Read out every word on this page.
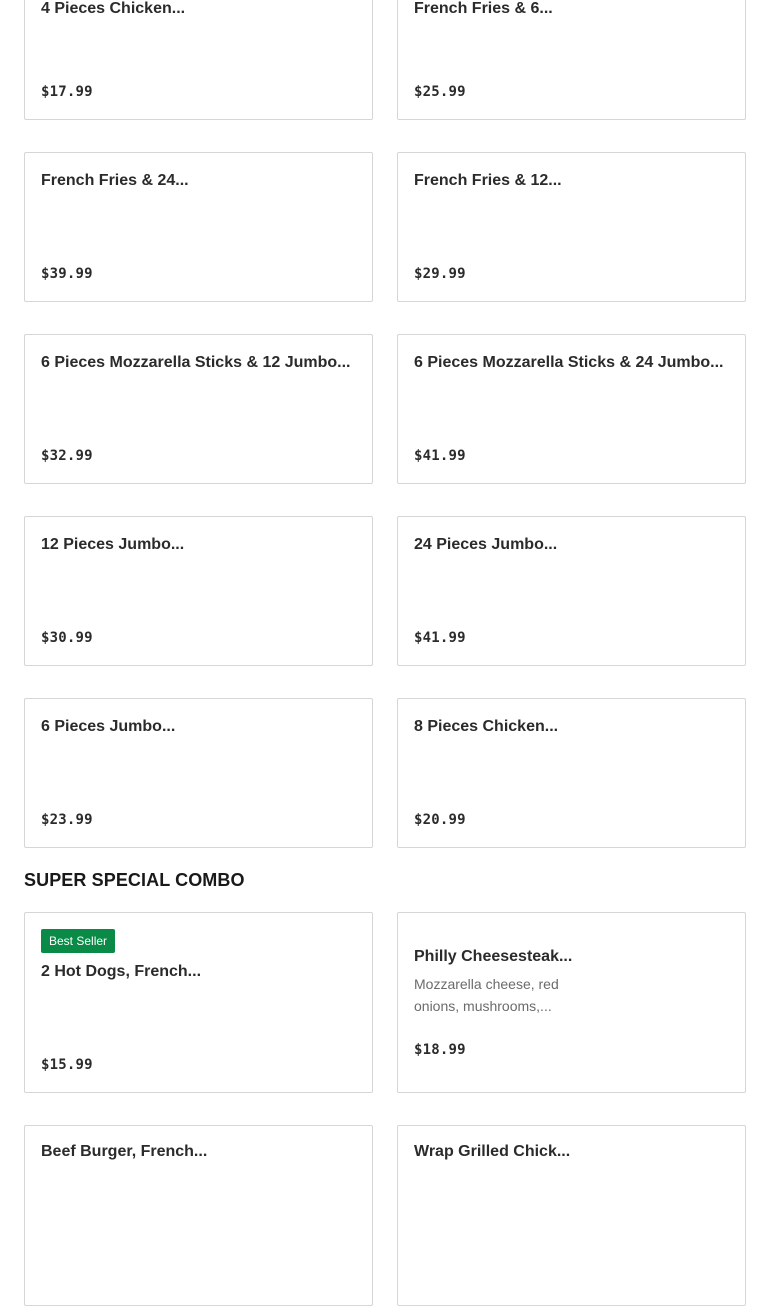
4 Pieces Chicken...
$17.99
French Fries & 6...
$25.99
French Fries & 24...
$39.99
French Fries & 12...
$29.99
6 Pieces Mozzarella Sticks & 12 Jumbo...
$32.99
6 Pieces Mozzarella Sticks & 24 Jumbo...
$41.99
12 Pieces Jumbo...
$30.99
24 Pieces Jumbo...
$41.99
6 Pieces Jumbo...
$23.99
8 Pieces Chicken...
$20.99
SUPER SPECIAL COMBO
Best Seller
2 Hot Dogs, French...
$15.99
Philly Cheesesteak...
Mozzarella cheese, red onions, mushrooms,...
$18.99
Beef Burger, French...	Wrap Grilled Chick...
